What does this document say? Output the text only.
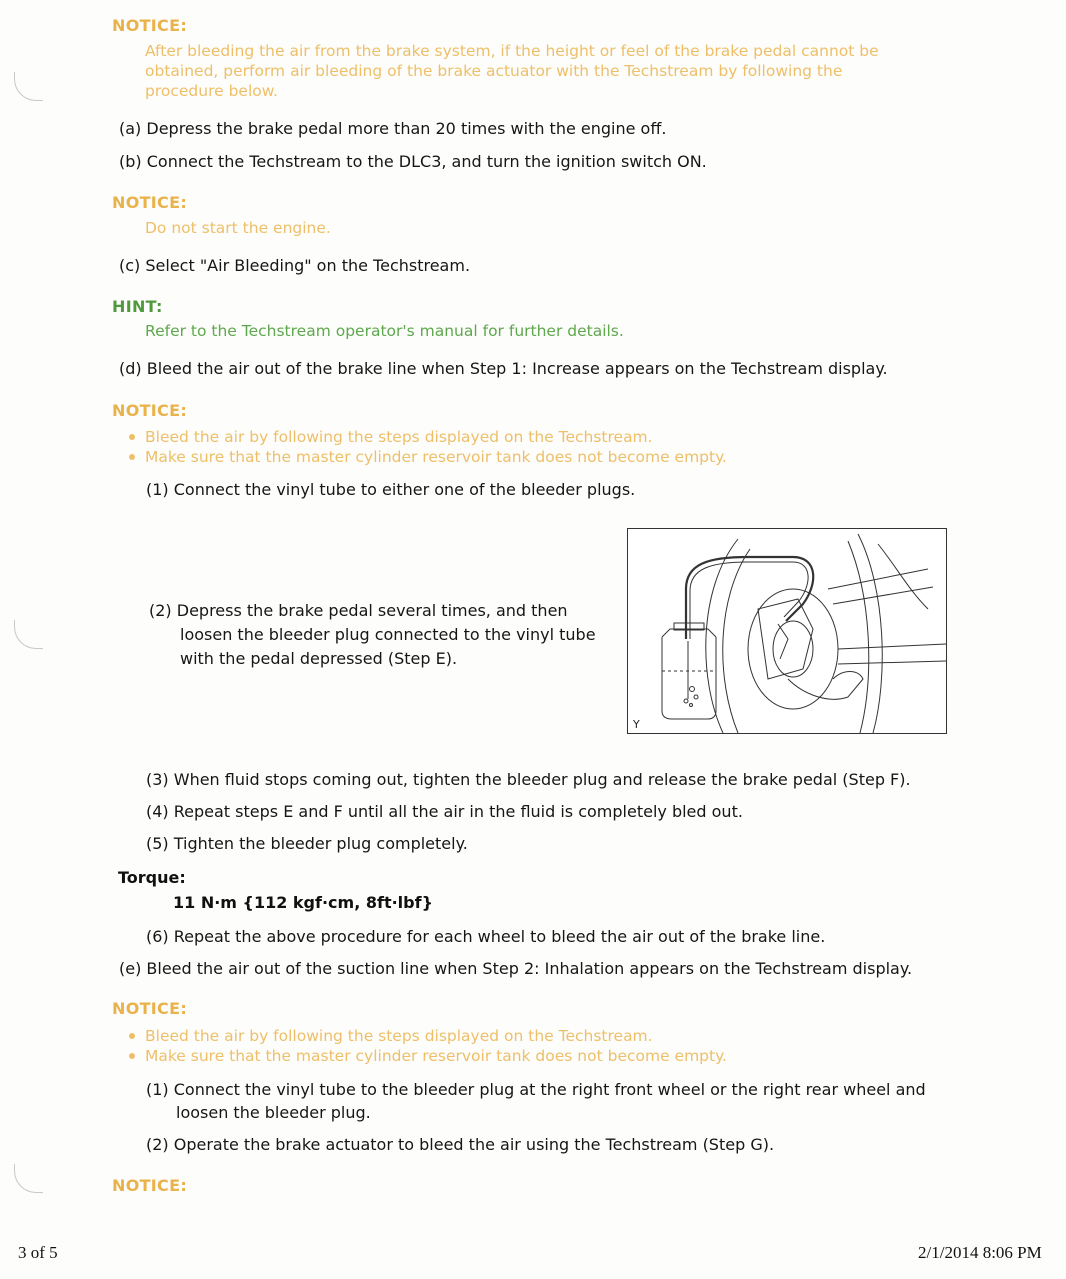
NOTICE:
After bleeding the air from the brake system, if the height or feel of the brake pedal cannot be
obtained, perform air bleeding of the brake actuator with the Techstream by following the
procedure below.
(a) Depress the brake pedal more than 20 times with the engine off.
(b) Connect the Techstream to the DLC3, and turn the ignition switch ON.
NOTICE:
Do not start the engine.
(c) Select "Air Bleeding" on the Techstream.
HINT:
Refer to the Techstream operator's manual for further details.
(d) Bleed the air out of the brake line when Step 1: Increase appears on the Techstream display.
NOTICE:
Bleed the air by following the steps displayed on the Techstream.
Make sure that the master cylinder reservoir tank does not become empty.
(1) Connect the vinyl tube to either one of the bleeder plugs.
(2) Depress the brake pedal several times, and then
loosen the bleeder plug connected to the vinyl tube
with the pedal depressed (Step E).
Y
(3) When fluid stops coming out, tighten the bleeder plug and release the brake pedal (Step F).
(4) Repeat steps E and F until all the air in the fluid is completely bled out.
(5) Tighten the bleeder plug completely.
Torque:
11 N·m {112 kgf·cm, 8ft·lbf}
(6) Repeat the above procedure for each wheel to bleed the air out of the brake line.
(e) Bleed the air out of the suction line when Step 2: Inhalation appears on the Techstream display.
NOTICE:
Bleed the air by following the steps displayed on the Techstream.
Make sure that the master cylinder reservoir tank does not become empty.
(1) Connect the vinyl tube to the bleeder plug at the right front wheel or the right rear wheel and
loosen the bleeder plug.
(2) Operate the brake actuator to bleed the air using the Techstream (Step G).
NOTICE:
3 of 5	2/1/2014 8:06 PM
